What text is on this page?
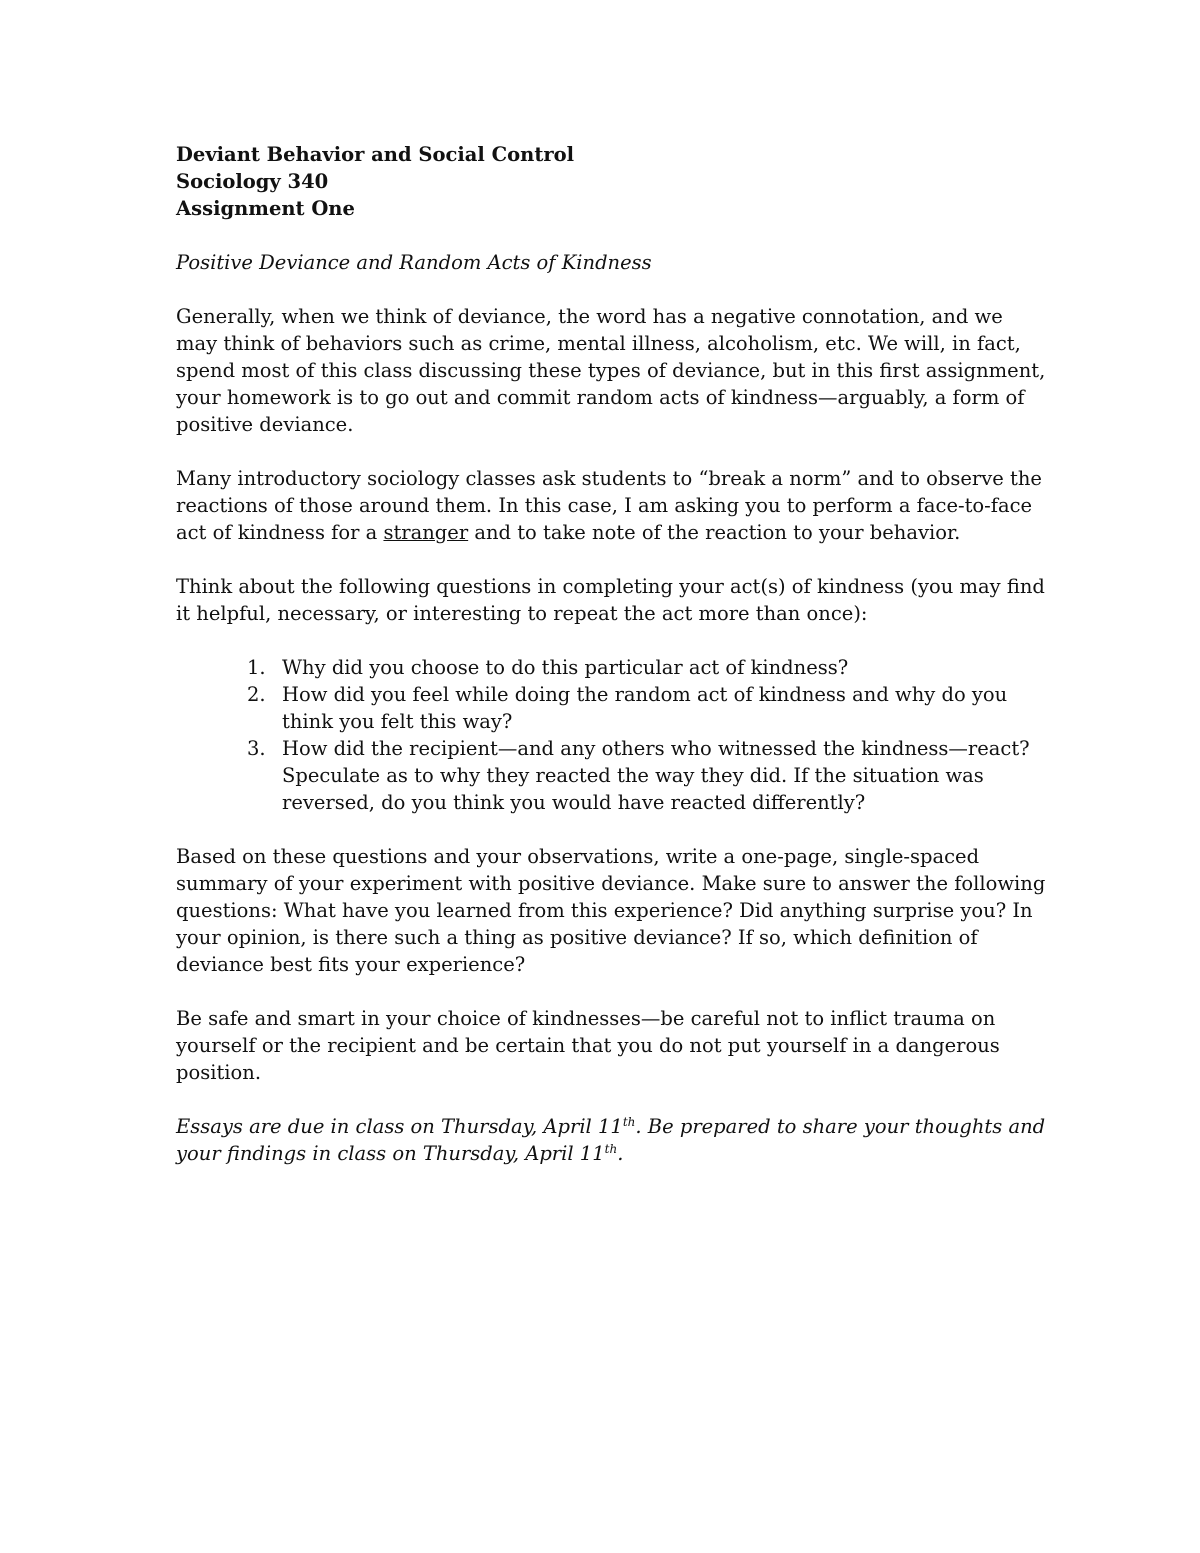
Deviant Behavior and Social Control
Sociology 340
Assignment One
Positive Deviance and Random Acts of Kindness

Generally, when we think of deviance, the word has a negative connotation, and we may think of behaviors such as crime, mental illness, alcoholism, etc. We will, in fact, spend most of this class discussing these types of deviance, but in this first assignment, your homework is to go out and commit random acts of kindness—arguably, a form of positive deviance.

Many introductory sociology classes ask students to “break a norm” and to observe the reactions of those around them. In this case, I am asking you to perform a face-to-face act of kindness for a stranger and to take note of the reaction to your behavior.

Think about the following questions in completing your act(s) of kindness (you may find it helpful, necessary, or interesting to repeat the act more than once):

1. Why did you choose to do this particular act of kindness?
2. How did you feel while doing the random act of kindness and why do you think you felt this way?
3. How did the recipient—and any others who witnessed the kindness—react? Speculate as to why they reacted the way they did. If the situation was reversed, do you think you would have reacted differently?

Based on these questions and your observations, write a one-page, single-spaced summary of your experiment with positive deviance. Make sure to answer the following questions: What have you learned from this experience? Did anything surprise you? In your opinion, is there such a thing as positive deviance? If so, which definition of deviance best fits your experience?

Be safe and smart in your choice of kindnesses—be careful not to inflict trauma on yourself or the recipient and be certain that you do not put yourself in a dangerous position.

Essays are due in class on Thursday, April 11th. Be prepared to share your thoughts and your findings in class on Thursday, April 11th.
